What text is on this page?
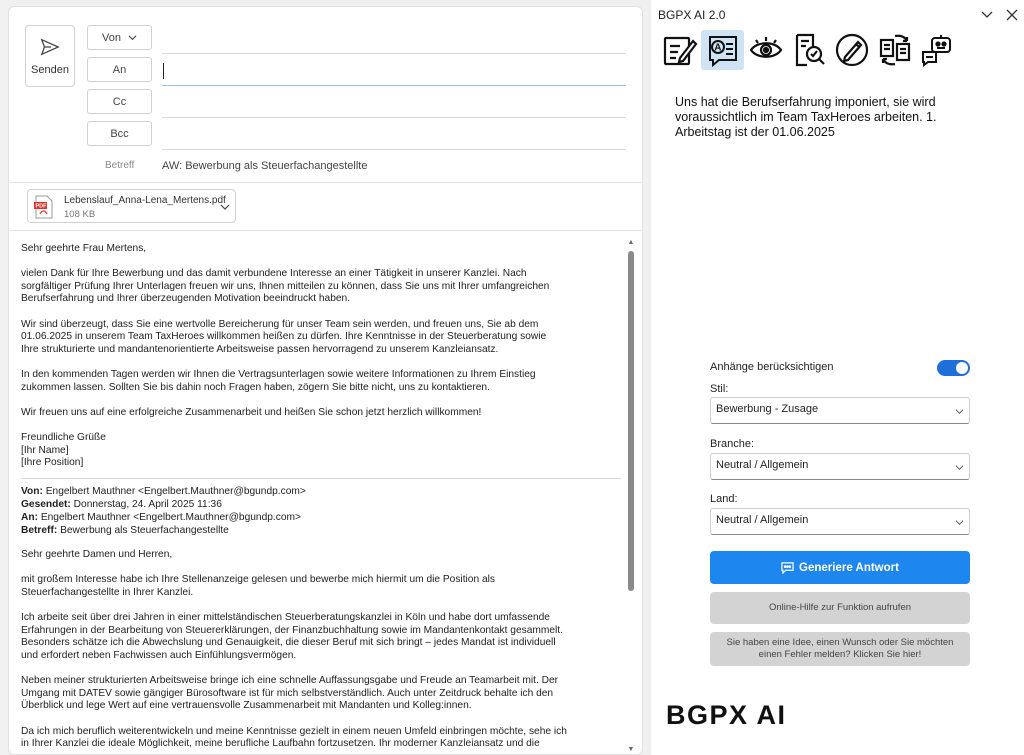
Senden
Von
An
Cc
Bcc
Betreff	AW: Bewerbung als Steuerfachangestellte
PDF
Lebenslauf_Anna-Lena_Mertens.pdf
108 KB

Sehr geehrte Frau Mertens,

vielen Dank für Ihre Bewerbung und das damit verbundene Interesse an einer Tätigkeit in unserer Kanzlei. Nach
sorgfältiger Prüfung Ihrer Unterlagen freuen wir uns, Ihnen mitteilen zu können, dass Sie uns mit Ihrer umfangreichen
Berufserfahrung und Ihrer überzeugenden Motivation beeindruckt haben.

Wir sind überzeugt, dass Sie eine wertvolle Bereicherung für unser Team sein werden, und freuen uns, Sie ab dem
01.06.2025 in unserem Team TaxHeroes willkommen heißen zu dürfen. Ihre Kenntnisse in der Steuerberatung sowie
Ihre strukturierte und mandantenorientierte Arbeitsweise passen hervorragend zu unserem Kanzleiansatz.

In den kommenden Tagen werden wir Ihnen die Vertragsunterlagen sowie weitere Informationen zu Ihrem Einstieg
zukommen lassen. Sollten Sie bis dahin noch Fragen haben, zögern Sie bitte nicht, uns zu kontaktieren.

Wir freuen uns auf eine erfolgreiche Zusammenarbeit und heißen Sie schon jetzt herzlich willkommen!

Freundliche Grüße
[Ihr Name]
[Ihre Position]

Von: Engelbert Mauthner <Engelbert.Mauthner@bgundp.com>
Gesendet: Donnerstag, 24. April 2025 11:36
An: Engelbert Mauthner <Engelbert.Mauthner@bgundp.com>
Betreff: Bewerbung als Steuerfachangestellte

Sehr geehrte Damen und Herren,

mit großem Interesse habe ich Ihre Stellenanzeige gelesen und bewerbe mich hiermit um die Position als
Steuerfachangestellte in Ihrer Kanzlei.

Ich arbeite seit über drei Jahren in einer mittelständischen Steuerberatungskanzlei in Köln und habe dort umfassende
Erfahrungen in der Bearbeitung von Steuererklärungen, der Finanzbuchhaltung sowie im Mandantenkontakt gesammelt.
Besonders schätze ich die Abwechslung und Genauigkeit, die dieser Beruf mit sich bringt – jedes Mandat ist individuell
und erfordert neben Fachwissen auch Einfühlungsvermögen.

Neben meiner strukturierten Arbeitsweise bringe ich eine schnelle Auffassungsgabe und Freude an Teamarbeit mit. Der
Umgang mit DATEV sowie gängiger Bürosoftware ist für mich selbstverständlich. Auch unter Zeitdruck behalte ich den
Überblick und lege Wert auf eine vertrauensvolle Zusammenarbeit mit Mandanten und Kolleg:innen.

Da ich mich beruflich weiterentwickeln und meine Kenntnisse gezielt in einem neuen Umfeld einbringen möchte, sehe ich
in Ihrer Kanzlei die ideale Möglichkeit, meine berufliche Laufbahn fortzusetzen. Ihr moderner Kanzleiansatz und die

▲
▼
BGPX AI 2.0
A
Uns hat die Berufserfahrung imponiert, sie wird voraussichtlich im Team TaxHeroes arbeiten. 1. Arbeitstag ist der 01.06.2025
Anhänge berücksichtigen
Stil:
Bewerbung - Zusage
Branche:
Neutral / Allgemein
Land:
Neutral / Allgemein
Generiere Antwort
Online-Hilfe zur Funktion aufrufen
Sie haben eine Idee, einen Wunsch oder Sie möchten einen Fehler melden? Klicken Sie hier!
BGPX AI
